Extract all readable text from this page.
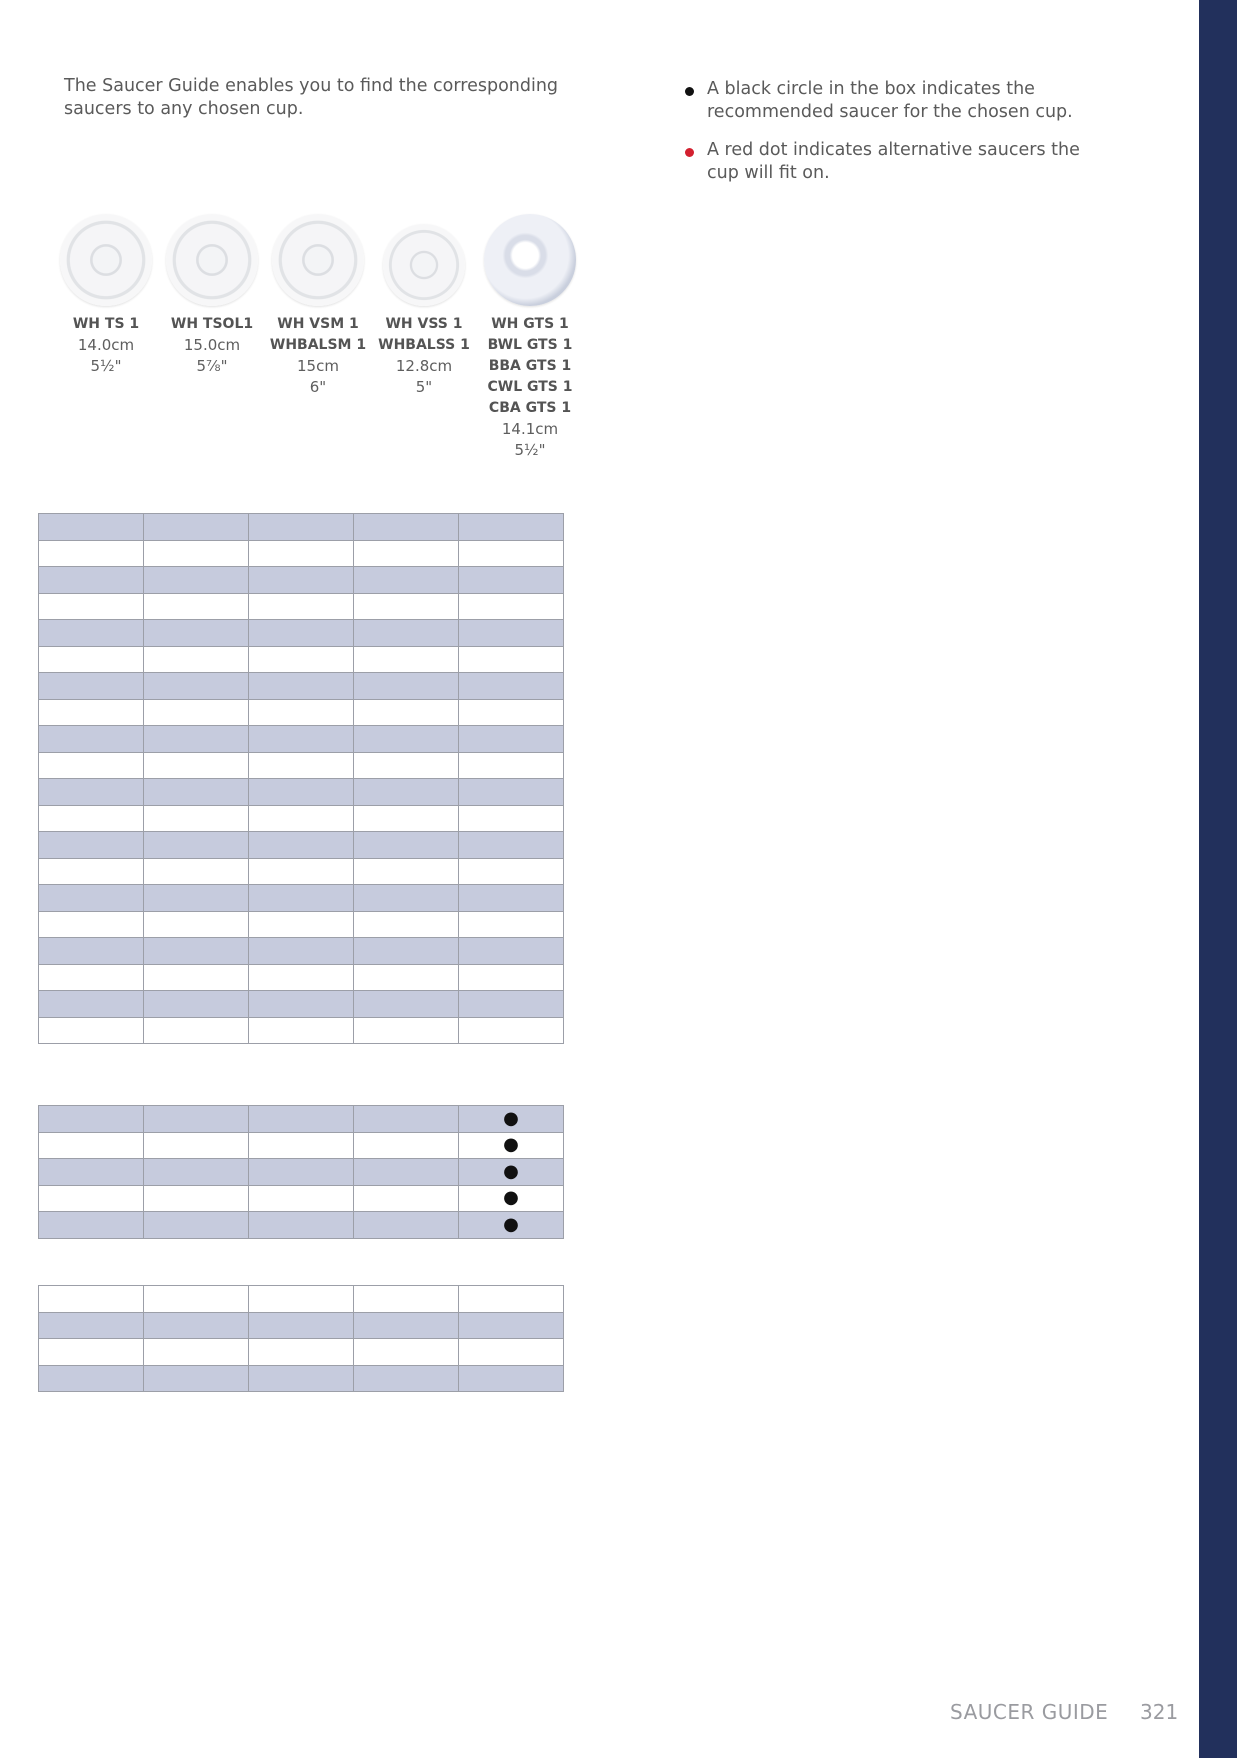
The Saucer Guide enables you to find the corresponding
saucers to any chosen cup.
A black circle in the box indicates the
recommended saucer for the chosen cup.
A red dot indicates alternative saucers the
cup will fit on.
WH TS 1
14.0cm
5½"
WH TSOL1
15.0cm
5⅞"
WH VSM 1
WHBALSM 1
15cm
6"
WH VSS 1
WHBALSS 1
12.8cm
5"
WH GTS 1
BWL GTS 1
BBA GTS 1
CWL GTS 1
CBA GTS 1
14.1cm
5½"

				●
				●
				●
				●
				●

SAUCER GUIDE 321
